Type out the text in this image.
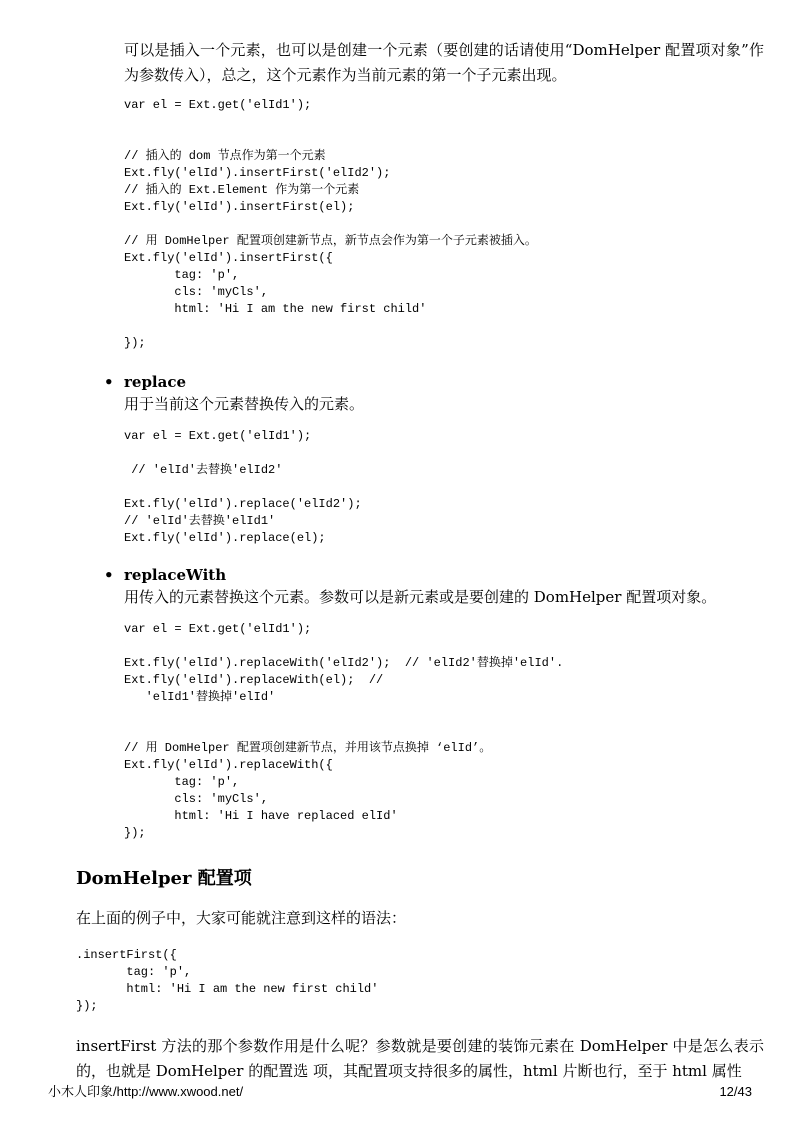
可以是插入一个元素，也可以是创建一个元素（要创建的话请使用“DomHelper 配置项对象”作为参数传入），总之，这个元素作为当前元素的第一个子元素出现。
var el = Ext.get('elId1');

// 插入的 dom 节点作为第一个元素
Ext.fly('elId').insertFirst('elId2');
// 插入的 Ext.Element 作为第一个元素
Ext.fly('elId').insertFirst(el);

// 用 DomHelper 配置项创建新节点，新节点会作为第一个子元素被插入。
Ext.fly('elId').insertFirst({
tag: 'p',
cls: 'myCls',
html: 'Hi I am the new first child'

});
• replace
用于当前这个元素替换传入的元素。
var el = Ext.get('elId1');

// 'elId'去替换'elId2'

Ext.fly('elId').replace('elId2');
// 'elId'去替换'elId1'
Ext.fly('elId').replace(el);
• replaceWith
用传入的元素替换这个元素。参数可以是新元素或是要创建的 DomHelper 配置项对象。
var el = Ext.get('elId1');

Ext.fly('elId').replaceWith('elId2');  // 'elId2'替换掉'elId'.
Ext.fly('elId').replaceWith(el);  //
'elId1'替换掉'elId'

// 用 DomHelper 配置项创建新节点，并用该节点换掉 ‘elId’。
Ext.fly('elId').replaceWith({
tag: 'p',
cls: 'myCls',
html: 'Hi I have replaced elId'
});
DomHelper 配置项
在上面的例子中，大家可能就注意到这样的语法：
.insertFirst({
tag: 'p',
html: 'Hi I am the new first child'
});
insertFirst 方法的那个参数作用是什么呢？参数就是要创建的装饰元素在 DomHelper 中是怎么表示的，也就是 DomHelper 的配置选 项，其配置项支持很多的属性，html 片断也行，至于 html 属性
小木人印象/http://www.xwood.net/	12/43
